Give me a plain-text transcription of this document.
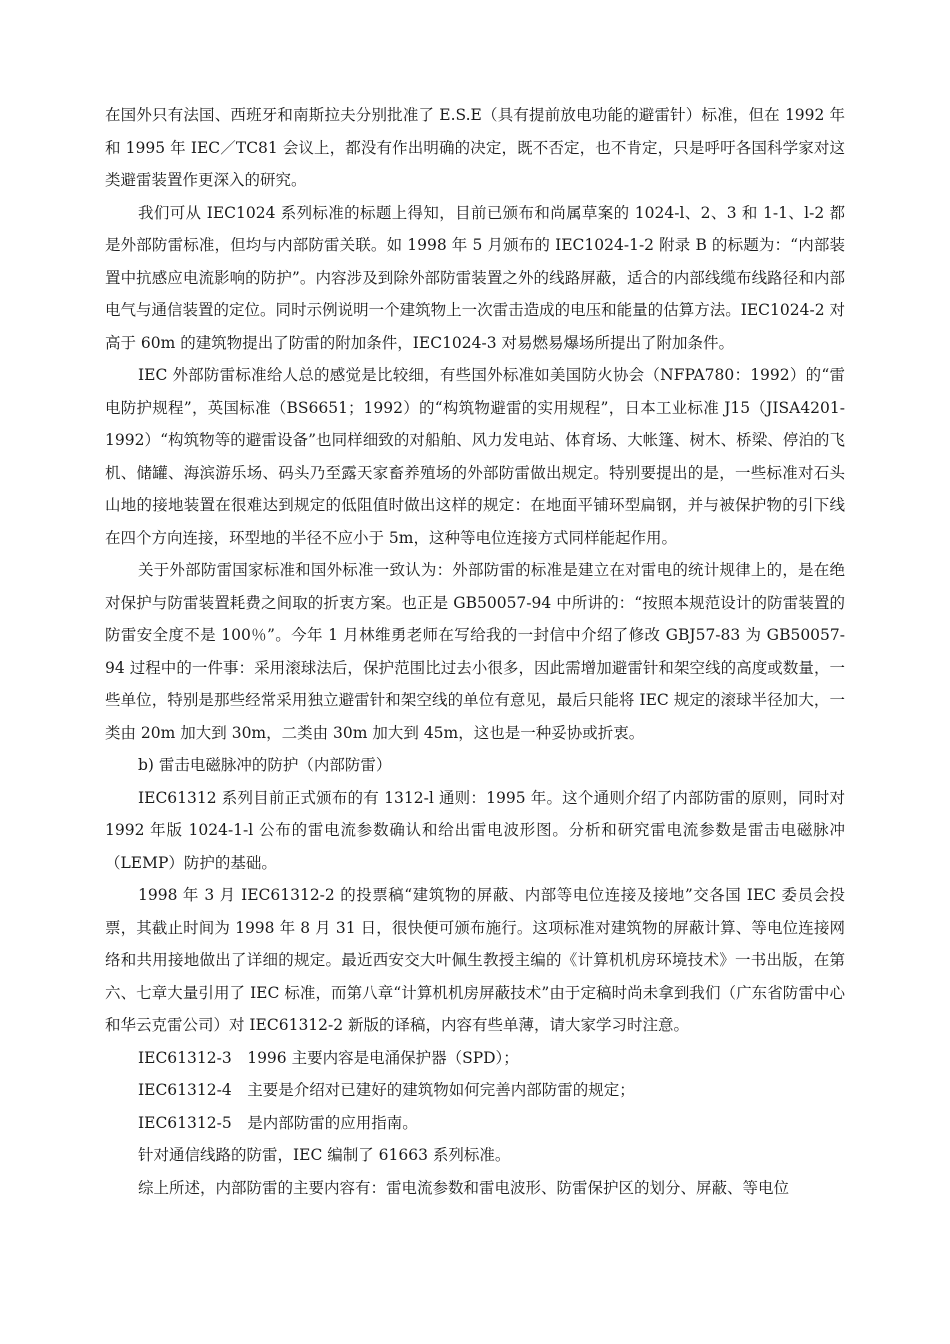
在国外只有法国、西班牙和南斯拉夫分别批准了 E.S.E（具有提前放电功能的避雷针）标准，但在 1992 年和 1995 年 IEC／TC81 会议上，都没有作出明确的决定，既不否定，也不肯定，只是呼吁各国科学家对这类避雷装置作更深入的研究。

我们可从 IEC1024 系列标准的标题上得知，目前已颁布和尚属草案的 1024-l、2、3 和 1-1、l-2 都是外部防雷标准，但均与内部防雷关联。如 1998 年 5 月颁布的 IEC1024-1-2 附录 B 的标题为：“内部装置中抗感应电流影响的防护”。内容涉及到除外部防雷装置之外的线路屏蔽，适合的内部线缆布线路径和内部电气与通信装置的定位。同时示例说明一个建筑物上一次雷击造成的电压和能量的估算方法。IEC1024-2 对高于 60m 的建筑物提出了防雷的附加条件，IEC1024-3 对易燃易爆场所提出了附加条件。

IEC 外部防雷标准给人总的感觉是比较细，有些国外标准如美国防火协会（NFPA780：1992）的“雷电防护规程”，英国标准（BS6651；1992）的“构筑物避雷的实用规程”，日本工业标准 J15（JISA4201-1992）“构筑物等的避雷设备”也同样细致的对船舶、风力发电站、体育场、大帐篷、树木、桥梁、停泊的飞机、储罐、海滨游乐场、码头乃至露天家畜养殖场的外部防雷做出规定。特别要提出的是，一些标准对石头山地的接地装置在很难达到规定的低阻值时做出这样的规定：在地面平铺环型扁钢，并与被保护物的引下线在四个方向连接，环型地的半径不应小于 5m，这种等电位连接方式同样能起作用。

关于外部防雷国家标准和国外标准一致认为：外部防雷的标准是建立在对雷电的统计规律上的，是在绝对保护与防雷装置耗费之间取的折衷方案。也正是 GB50057-94 中所讲的：“按照本规范设计的防雷装置的防雷安全度不是 100％”。今年 1 月林维勇老师在写给我的一封信中介绍了修改 GBJ57-83 为 GB50057-94 过程中的一件事：采用滚球法后，保护范围比过去小很多，因此需增加避雷针和架空线的高度或数量，一些单位，特别是那些经常采用独立避雷针和架空线的单位有意见，最后只能将 IEC 规定的滚球半径加大，一类由 20m 加大到 30m，二类由 30m 加大到 45m，这也是一种妥协或折衷。

b) 雷击电磁脉冲的防护（内部防雷）

IEC61312 系列目前正式颁布的有 1312-l 通则：1995 年。这个通则介绍了内部防雷的原则，同时对 1992 年版 1024-1-l 公布的雷电流参数确认和给出雷电波形图。分析和研究雷电流参数是雷击电磁脉冲（LEMP）防护的基础。

1998 年 3 月 IEC61312-2 的投票稿“建筑物的屏蔽、内部等电位连接及接地”交各国 IEC 委员会投票，其截止时间为 1998 年 8 月 31 日，很快便可颁布施行。这项标准对建筑物的屏蔽计算、等电位连接网络和共用接地做出了详细的规定。最近西安交大叶佩生教授主编的《计算机机房环境技术》一书出版，在第六、七章大量引用了 IEC 标准，而第八章“计算机机房屏蔽技术”由于定稿时尚未拿到我们（广东省防雷中心和华云克雷公司）对 IEC61312-2 新版的译稿，内容有些单薄，请大家学习时注意。

IEC61312-3　1996 主要内容是电涌保护器（SPD）；

IEC61312-4　主要是介绍对已建好的建筑物如何完善内部防雷的规定；

IEC61312-5　是内部防雷的应用指南。

针对通信线路的防雷，IEC 编制了 61663 系列标准。

综上所述，内部防雷的主要内容有：雷电流参数和雷电波形、防雷保护区的划分、屏蔽、等电位
